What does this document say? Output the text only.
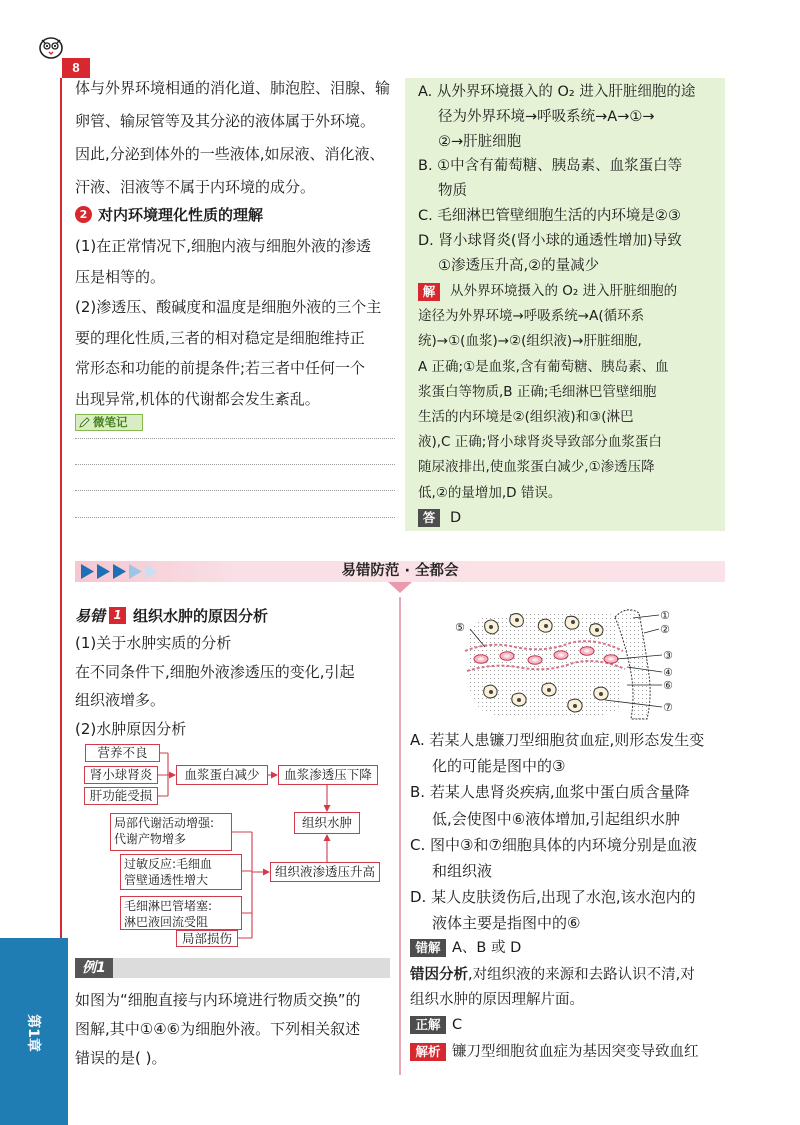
8
体与外界环境相通的消化道、肺泡腔、泪腺、输
卵管、输尿管等及其分泌的液体属于外环境。
因此,分泌到体外的一些液体,如尿液、消化液、
汗液、泪液等不属于内环境的成分。
2 对内环境理化性质的理解
(1)在正常情况下,细胞内液与细胞外液的渗透
压是相等的。
(2)渗透压、酸碱度和温度是细胞外液的三个主
要的理化性质,三者的相对稳定是细胞维持正
常形态和功能的前提条件;若三者中任何一个
出现异常,机体的代谢都会发生紊乱。
微笔记
A. 从外界环境摄入的 O₂ 进入肝脏细胞的途
径为外界环境→呼吸系统→A→①→
②→肝脏细胞
B. ①中含有葡萄糖、胰岛素、血浆蛋白等
物质
C. 毛细淋巴管壁细胞生活的内环境是②③
D. 肾小球肾炎(肾小球的通透性增加)导致
①渗透压升高,②的量减少
解	从外界环境摄入的 O₂ 进入肝脏细胞的
途径为外界环境→呼吸系统→A(循环系
统)→①(血浆)→②(组织液)→肝脏细胞,
A 正确;①是血浆,含有葡萄糖、胰岛素、血
浆蛋白等物质,B 正确;毛细淋巴管壁细胞
生活的内环境是②(组织液)和③(淋巴
液),C 正确;肾小球肾炎导致部分血浆蛋白
随尿液排出,使血浆蛋白减少,①渗透压降
低,②的量增加,D 错误。
答	D
易错防范 · 全都会
易错 1 组织水肿的原因分析
(1)关于水肿实质的分析
在不同条件下,细胞外液渗透压的变化,引起
组织液增多。
(2)水肿原因分析
营养不良
肾小球肾炎
肝功能受损
血浆蛋白减少	血浆渗透压下降
组织水肿
局部代谢活动增强:
代谢产物增多
过敏反应:毛细血
管壁通透性增大
毛细淋巴管堵塞:
淋巴液回流受阻
局部损伤
组织液渗透压升高
例1
如图为“细胞直接与内环境进行物质交换”的
图解,其中①④⑥为细胞外液。下列相关叙述
错误的是( )。
①
②
③
④
⑥
⑦
⑤
A. 若某人患镰刀型细胞贫血症,则形态发生变
化的可能是图中的③
B. 若某人患肾炎疾病,血浆中蛋白质含量降
低,会使图中⑥液体增加,引起组织水肿
C. 图中③和⑦细胞具体的内环境分别是血液
和组织液
D. 某人皮肤烫伤后,出现了水泡,该水泡内的
液体主要是指图中的⑥
错解 A、B 或 D
错因分析,对组织液的来源和去路认识不清,对
组织水肿的原因理解片面。
正解 C
解析 镰刀型细胞贫血症为基因突变导致血红
第1章
